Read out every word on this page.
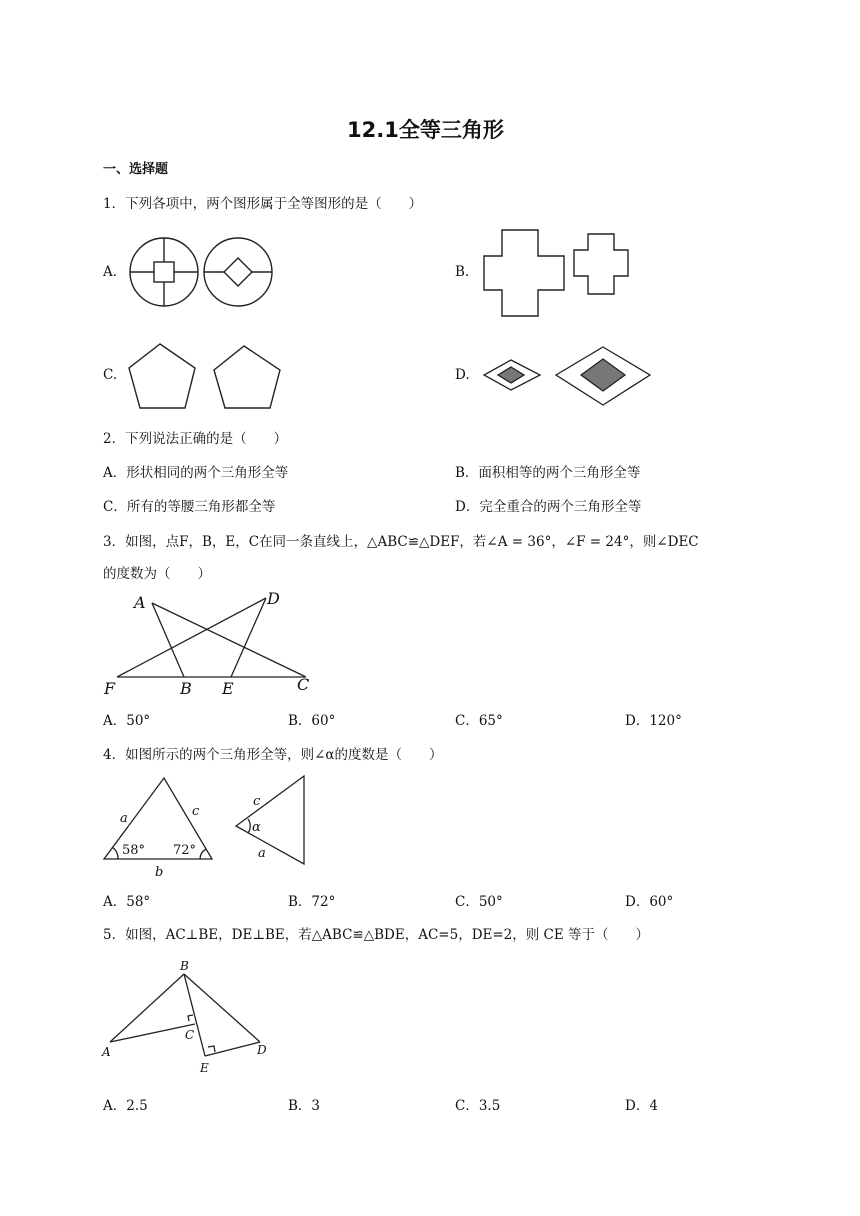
12.1全等三角形
一、选择题
1．下列各项中，两个图形属于全等图形的是（　　）
A.	B.
C.	D.
2．下列说法正确的是（　　）
A．形状相同的两个三角形全等	B．面积相等的两个三角形全等
C．所有的等腰三角形都全等	D．完全重合的两个三角形全等
3．如图，点F，B，E，C在同一条直线上，△ABC≌△DEF，若∠A = 36°，∠F = 24°，则∠DEC
的度数为（　　）
A	D
F	B E	C
A．50°	B．60°	C．65°	D．120°
4．如图所示的两个三角形全等，则∠α的度数是（　　）
a	c
58° 72°
b
c
α
a
A．58°	B．72°	C．50°	D．60°
5．如图，AC⊥BE，DE⊥BE，若△ABC≌△BDE，AC=5，DE=2，则 CE 等于（　　）
B
C
A
E
D
A．2.5	B．3	C．3.5	D．4
